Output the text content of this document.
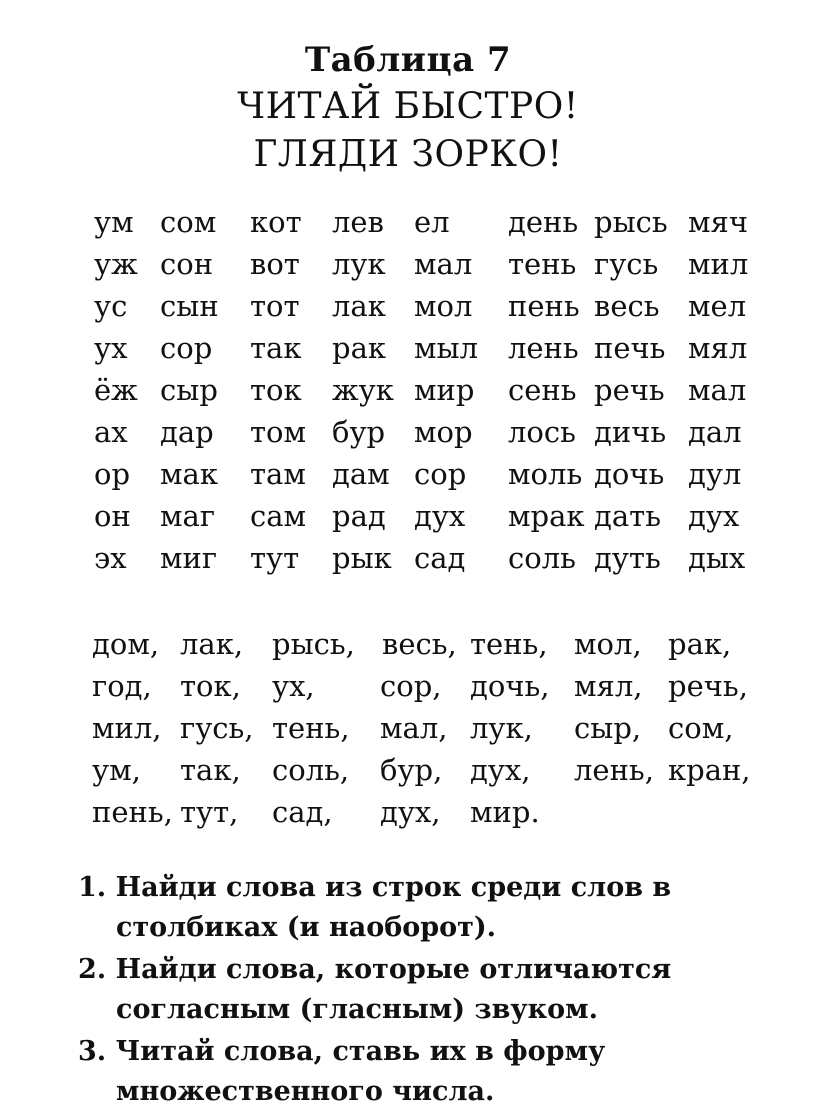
Таблица 7
ЧИТАЙ БЫСТРО!
ГЛЯДИ ЗОРКО!
ум сом кот лев ел день рысь мяч
уж сон вот лук мал тень гусь мил
ус сын тот лак мол пень весь мел
ух сор так рак мыл лень печь мял
ёж сыр ток жук мир сень речь мал
ах дар том бур мор лось дичь дал
ор мак там дам сор моль дочь дул
он маг сам рад дух мрак дать дух
эх миг тут рык сад соль дуть дых
дом, лак, рысь, весь, тень, мол, рак,
год, ток, ух, сор, дочь, мял, речь,
мил, гусь, тень, мал, лук, сыр, сом,
ум, так, соль, бур, дух, лень, кран,
пень, тут, сад, дух, мир.
1. Найди слова из строк среди слов в столбиках (и наоборот).
2. Найди слова, которые отличаются согласным (гласным) звуком.
3. Читай слова, ставь их в форму множественного числа.
